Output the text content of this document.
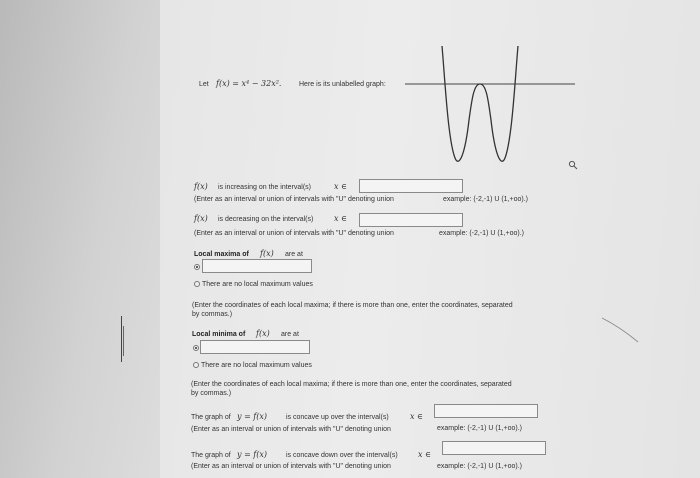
Let f(x) = x⁴ − 32x².	Here is its unlabelled graph:
f(x) is increasing on the interval(s)	x ∈
(Enter as an interval or union of intervals with "U" denoting union	example: (-2,-1) U (1,+oo).)
f(x) is decreasing on the interval(s)	x ∈
(Enter as an interval or union of intervals with "U" denoting union	example: (-2,-1) U (1,+oo).)
Local maxima of f(x) are at
There are no local maximum values
(Enter the coordinates of each local maxima; if there is more than one, enter the coordinates, separated
by commas.)
Local minima of f(x) are at
There are no local maximum values
(Enter the coordinates of each local maxima; if there is more than one, enter the coordinates, separated
by commas.)
The graph of y = f(x)	is concave up over the interval(s)	x ∈
(Enter as an interval or union of intervals with "U" denoting union	example: (-2,-1) U (1,+oo).)
The graph of y = f(x)	is concave down over the interval(s)	x ∈
(Enter as an interval or union of intervals with "U" denoting union	example: (-2,-1) U (1,+oo).)
